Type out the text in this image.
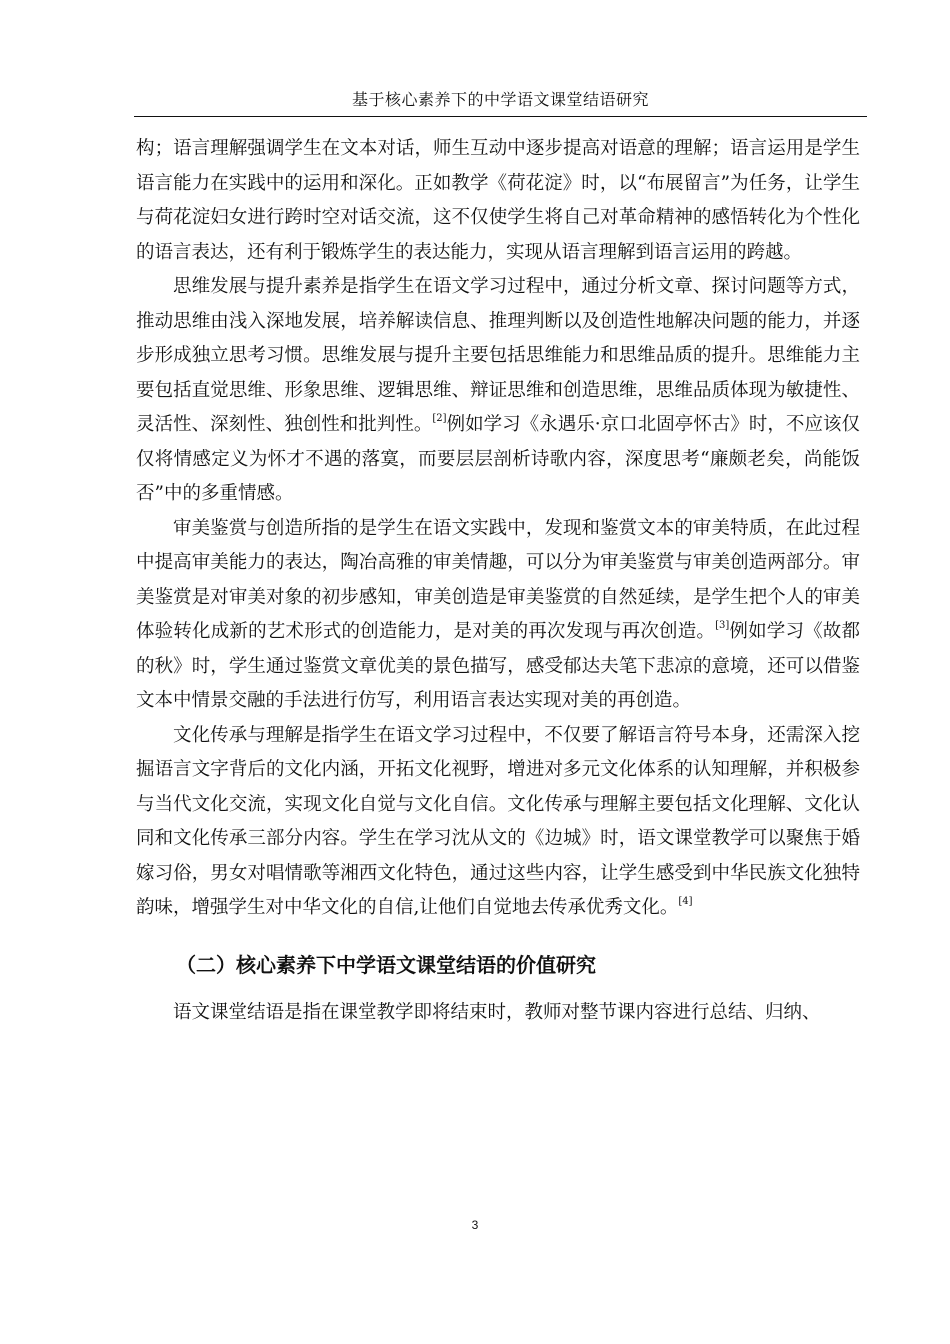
基于核心素养下的中学语文课堂结语研究

构；语言理解强调学生在文本对话，师生互动中逐步提高对语意的理解；语言运用是学生语言能力在实践中的运用和深化。正如教学《荷花淀》时，以“布展留言”为任务，让学生与荷花淀妇女进行跨时空对话交流，这不仅使学生将自己对革命精神的感悟转化为个性化的语言表达，还有利于锻炼学生的表达能力，实现从语言理解到语言运用的跨越。

思维发展与提升素养是指学生在语文学习过程中，通过分析文章、探讨问题等方式，推动思维由浅入深地发展，培养解读信息、推理判断以及创造性地解决问题的能力，并逐步形成独立思考习惯。思维发展与提升主要包括思维能力和思维品质的提升。思维能力主要包括直觉思维、形象思维、逻辑思维、辩证思维和创造思维，思维品质体现为敏捷性、灵活性、深刻性、独创性和批判性。[2]例如学习《永遇乐·京口北固亭怀古》时，不应该仅仅将情感定义为怀才不遇的落寞，而要层层剖析诗歌内容，深度思考“廉颇老矣，尚能饭否”中的多重情感。

审美鉴赏与创造所指的是学生在语文实践中，发现和鉴赏文本的审美特质，在此过程中提高审美能力的表达，陶冶高雅的审美情趣，可以分为审美鉴赏与审美创造两部分。审美鉴赏是对审美对象的初步感知，审美创造是审美鉴赏的自然延续，是学生把个人的审美体验转化成新的艺术形式的创造能力，是对美的再次发现与再次创造。[3]例如学习《故都的秋》时，学生通过鉴赏文章优美的景色描写，感受郁达夫笔下悲凉的意境，还可以借鉴文本中情景交融的手法进行仿写，利用语言表达实现对美的再创造。

文化传承与理解是指学生在语文学习过程中，不仅要了解语言符号本身，还需深入挖掘语言文字背后的文化内涵，开拓文化视野，增进对多元文化体系的认知理解，并积极参与当代文化交流，实现文化自觉与文化自信。文化传承与理解主要包括文化理解、文化认同和文化传承三部分内容。学生在学习沈从文的《边城》时，语文课堂教学可以聚焦于婚嫁习俗，男女对唱情歌等湘西文化特色，通过这些内容，让学生感受到中华民族文化独特韵味，增强学生对中华文化的自信,让他们自觉地去传承优秀文化。[4]

（二）核心素养下中学语文课堂结语的价值研究

语文课堂结语是指在课堂教学即将结束时，教师对整节课内容进行总结、归纳、

3
